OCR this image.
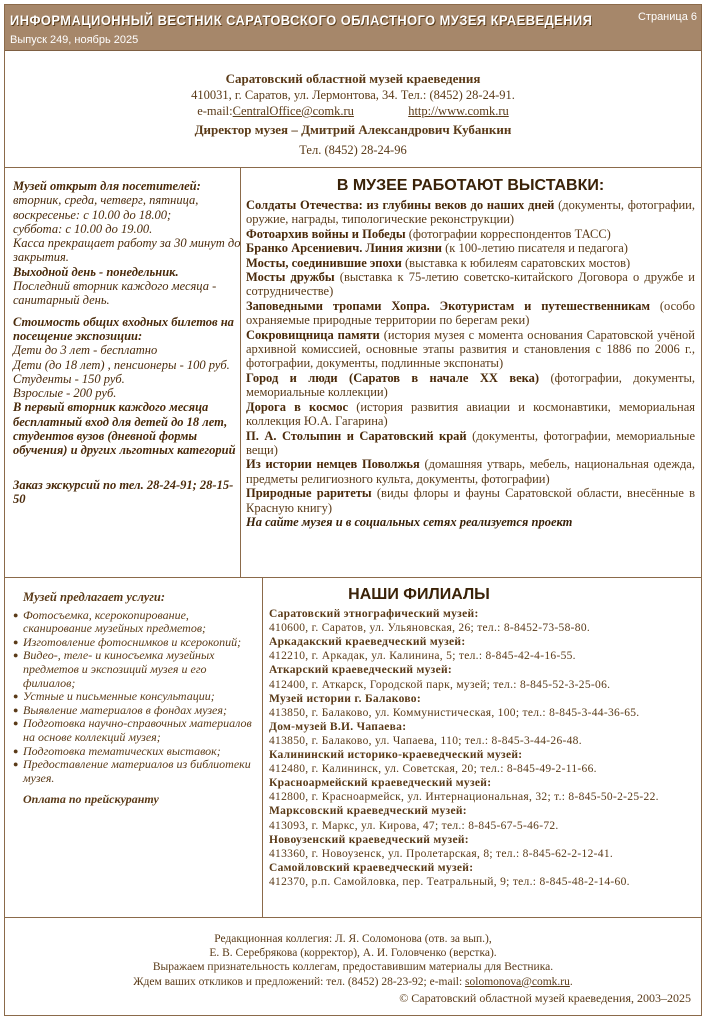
ИНФОРМАЦИОННЫЙ ВЕСТНИК САРАТОВСКОГО ОБЛАСТНОГО МУЗЕЯ КРАЕВЕДЕНИЯ
Выпуск 249, ноябрь 2025
Страница 6
Саратовский областной музей краеведения
410031, г. Саратов, ул. Лермонтова, 34. Тел.: (8452) 28-24-91.
e-mail:CentralOffice@comk.ru	http://www.comk.ru
Директор музея – Дмитрий Александрович Кубанкин
Тел. (8452) 28-24-96
Музей открыт для посетителей:
вторник, среда, четверг, пятница, воскресенье: с 10.00 до 18.00;
суббота: с 10.00 до 19.00.
Касса прекращает работу за 30 минут до закрытия.
Выходной день - понедельник.
Последний вторник каждого месяца - санитарный день.
Стоимость общих входных билетов на посещение экспозиции:
Дети до 3 лет - бесплатно
Дети (до 18 лет) , пенсионеры - 100 руб.
Студенты - 150 руб.
Взрослые - 200 руб.
В первый вторник каждого месяца бесплатный вход для детей до 18 лет, студентов вузов (дневной формы обучения) и других льготных категорий
Заказ экскурсий по тел. 28-24-91; 28-15-50
В МУЗЕЕ РАБОТАЮТ ВЫСТАВКИ:
Солдаты Отечества: из глубины веков до наших дней (документы, фотографии, оружие, награды, типологические реконструкции)
Фотоархив войны и Победы (фотографии корреспондентов ТАСС)
Бранко Арсениевич. Линия жизни (к 100-летию писателя и педагога)
Мосты, соединившие эпохи (выставка к юбилеям саратовских мостов)
Мосты дружбы (выставка к 75-летию советско-китайского Договора о дружбе и сотрудничестве)
Заповедными тропами Хопра. Экотуристам и путешественникам (особо охраняемые природные территории по берегам реки)
Сокровищница памяти (история музея с момента основания Саратовской учёной архивной комиссией, основные этапы развития и становления с 1886 по 2006 г., фотографии, документы, подлинные экспонаты)
Город и люди (Саратов в начале XX века) (фотографии, документы, мемориальные коллекции)
Дорога в космос (история развития авиации и космонавтики, мемориальная коллекция Ю.А. Гагарина)
П. А. Столыпин и Саратовский край (документы, фотографии, мемориальные вещи)
Из истории немцев Поволжья (домашняя утварь, мебель, национальная одежда, предметы религиозного культа, документы, фотографии)
Природные раритеты (виды флоры и фауны Саратовской области, внесённые в Красную книгу)
На сайте музея и в социальных сетях реализуется проект
Музей предлагает услуги:
● Фотосъемка, ксерокопирование, сканирование музейных предметов;
● Изготовление фотоснимков и ксерокопий;
● Видео-, теле- и киносъемка музейных предметов и экспозиций музея и его филиалов;
● Устные и письменные консультации;
● Выявление материалов в фондах музея;
● Подготовка научно-справочных материалов на основе коллекций музея;
● Подготовка тематических выставок;
● Предоставление материалов из библиотеки музея.
Оплата по прейскуранту
НАШИ ФИЛИАЛЫ
Саратовский этнографический музей:
410600, г. Саратов, ул. Ульяновская, 26; тел.: 8-8452-73-58-80.
Аркадакский краеведческий музей:
412210, г. Аркадак, ул. Калинина, 5; тел.: 8-845-42-4-16-55.
Аткарский краеведческий музей:
412400, г. Аткарск, Городской парк, музей; тел.: 8-845-52-3-25-06.
Музей истории г. Балаково:
413850, г. Балаково, ул. Коммунистическая, 100; тел.: 8-845-3-44-36-65.
Дом-музей В.И. Чапаева:
413850, г. Балаково, ул. Чапаева, 110; тел.: 8-845-3-44-26-48.
Калининский историко-краеведческий музей:
412480, г. Калининск, ул. Советская, 20; тел.: 8-845-49-2-11-66.
Красноармейский краеведческий музей:
412800, г. Красноармейск, ул. Интернациональная, 32; т.: 8-845-50-2-25-22.
Марксовский краеведческий музей:
413093, г. Маркс, ул. Кирова, 47; тел.: 8-845-67-5-46-72.
Новоузенский краеведческий музей:
413360, г. Новоузенск, ул. Пролетарская, 8; тел.: 8-845-62-2-12-41.
Самойловский краеведческий музей:
412370, р.п. Самойловка, пер. Театральный, 9; тел.: 8-845-48-2-14-60.
Редакционная коллегия: Л. Я. Соломонова (отв. за вып.),
Е. В. Серебрякова (корректор), А. И. Головченко (верстка).
Выражаем признательность коллегам, предоставившим материалы для Вестника.
Ждем ваших откликов и предложений: тел. (8452) 28-23-92; e-mail: solomonova@comk.ru.
© Саратовский областной музей краеведения, 2003–2025
